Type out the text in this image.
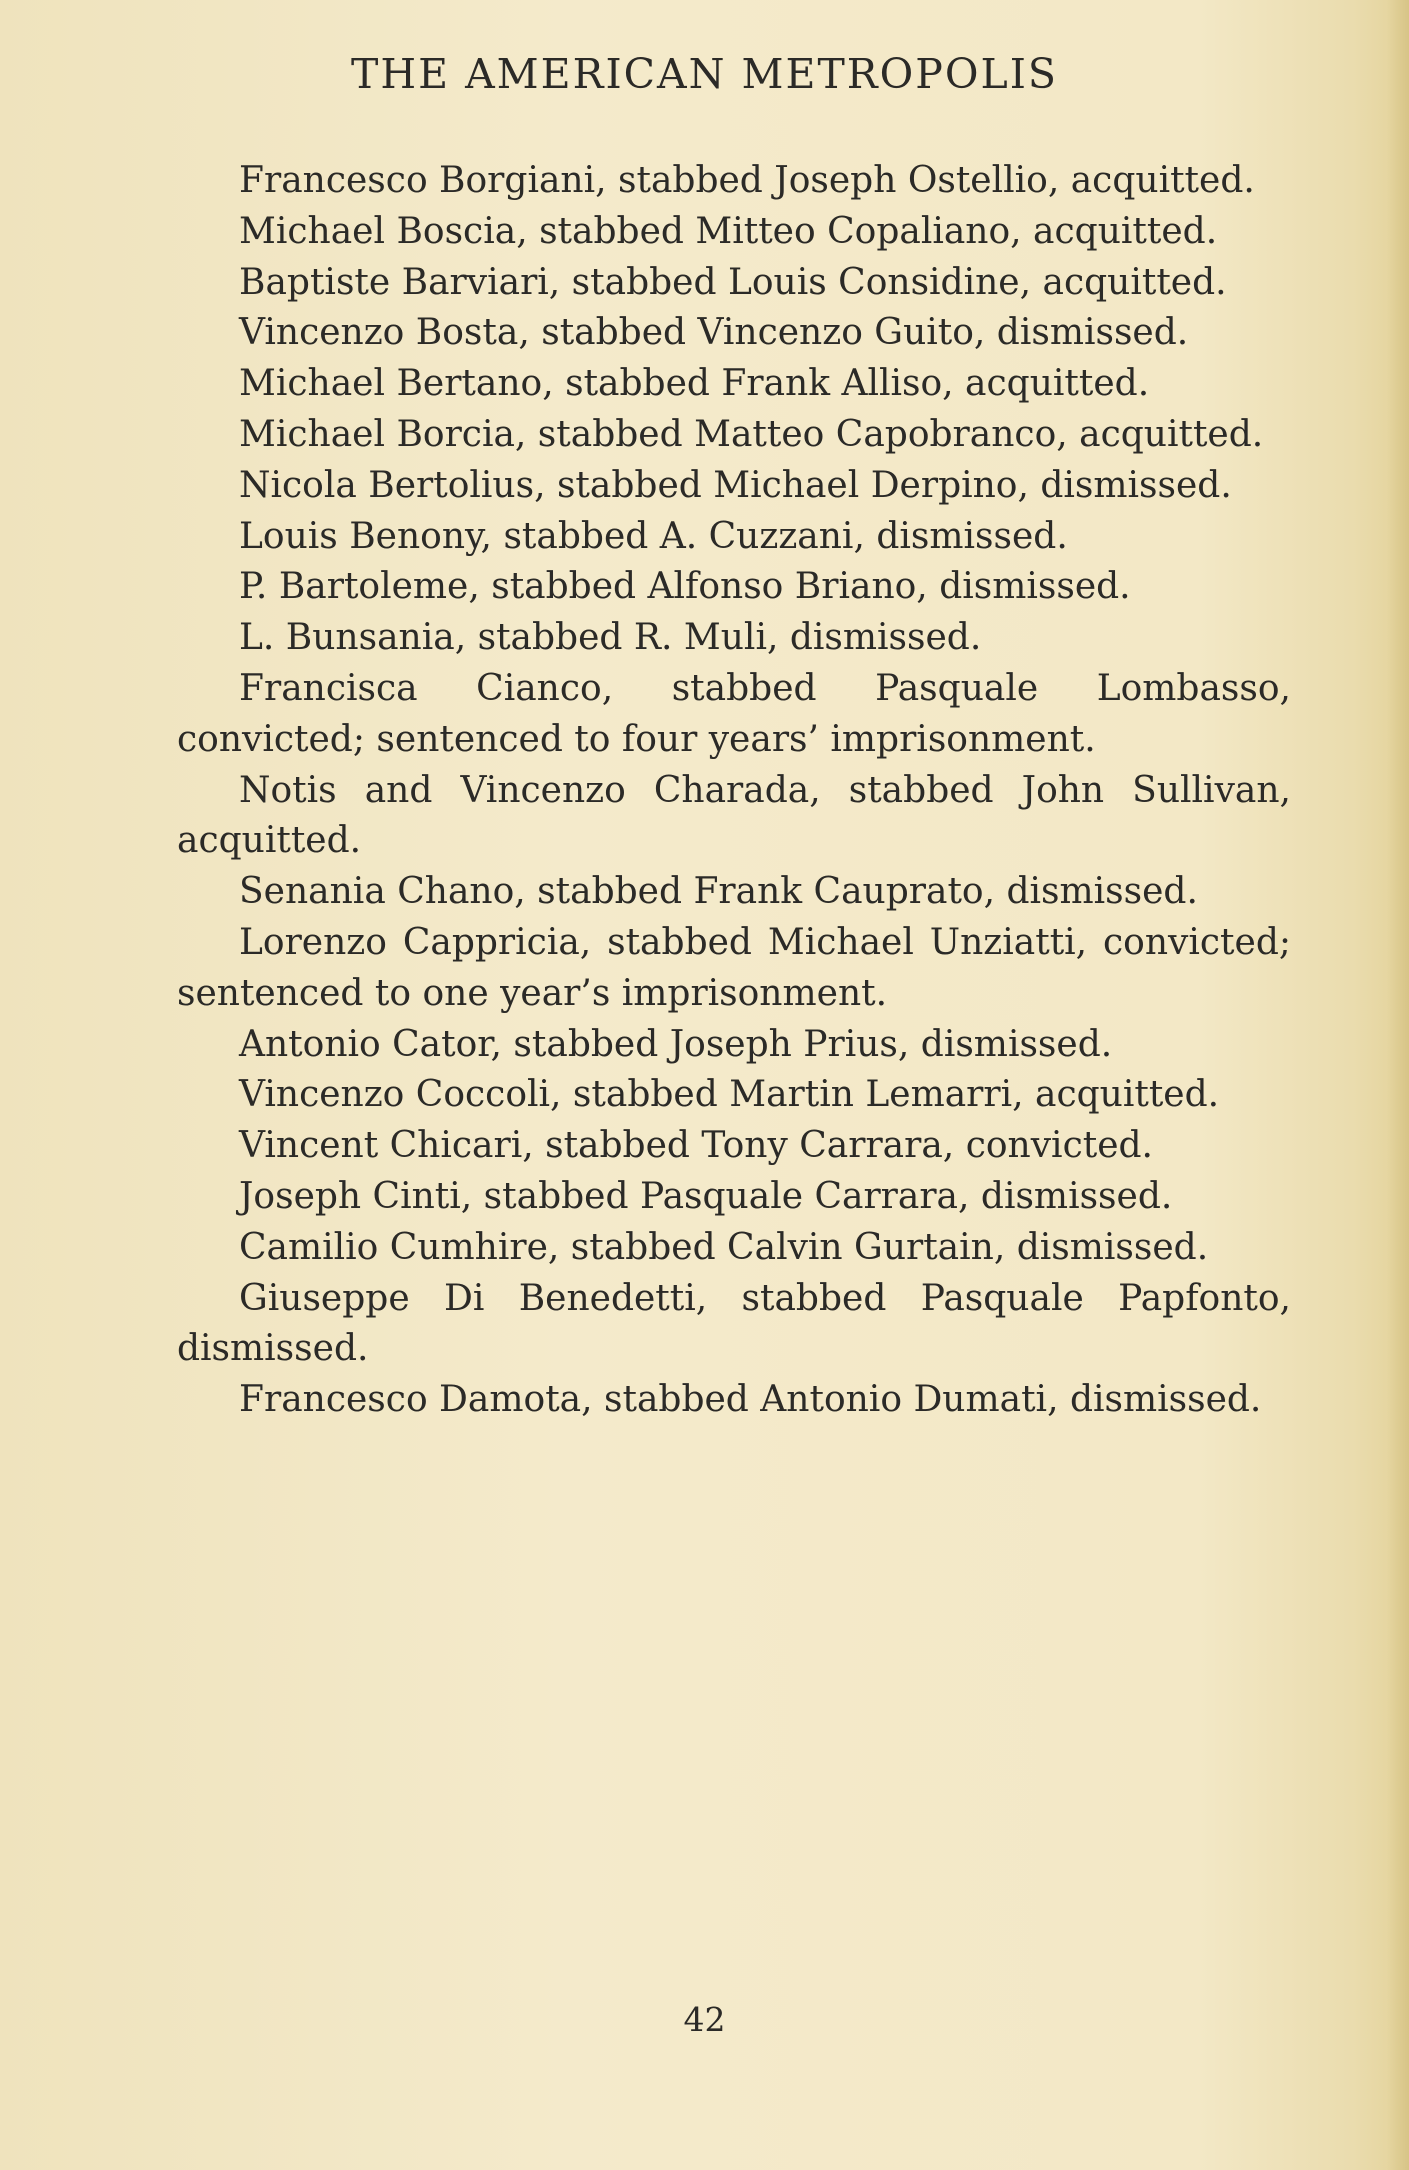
THE AMERICAN METROPOLIS

Francesco Borgiani, stabbed Joseph Ostellio, acquitted.

Michael Boscia, stabbed Mitteo Copaliano, acquitted.

Baptiste Barviari, stabbed Louis Considine, acquitted.

Vincenzo Bosta, stabbed Vincenzo Guito, dismissed.

Michael Bertano, stabbed Frank Alliso, acquitted.

Michael Borcia, stabbed Matteo Capobranco, acquitted.

Nicola Bertolius, stabbed Michael Derpino, dismissed.

Louis Benony, stabbed A. Cuzzani, dismissed.

P. Bartoleme, stabbed Alfonso Briano, dismissed.

L. Bunsania, stabbed R. Muli, dismissed.

Francisca Cianco, stabbed Pasquale Lombasso, convicted; sentenced to four years’ imprisonment.

Notis and Vincenzo Charada, stabbed John Sullivan, acquitted.

Senania Chano, stabbed Frank Cauprato, dismissed.

Lorenzo Cappricia, stabbed Michael Unziatti, convicted; sentenced to one year’s imprisonment.

Antonio Cator, stabbed Joseph Prius, dismissed.

Vincenzo Coccoli, stabbed Martin Lemarri, acquitted.

Vincent Chicari, stabbed Tony Carrara, convicted.

Joseph Cinti, stabbed Pasquale Carrara, dismissed.

Camilio Cumhire, stabbed Calvin Gurtain, dismissed.

Giuseppe Di Benedetti, stabbed Pasquale Papfonto, dismissed.

Francesco Damota, stabbed Antonio Dumati, dismissed.

42
